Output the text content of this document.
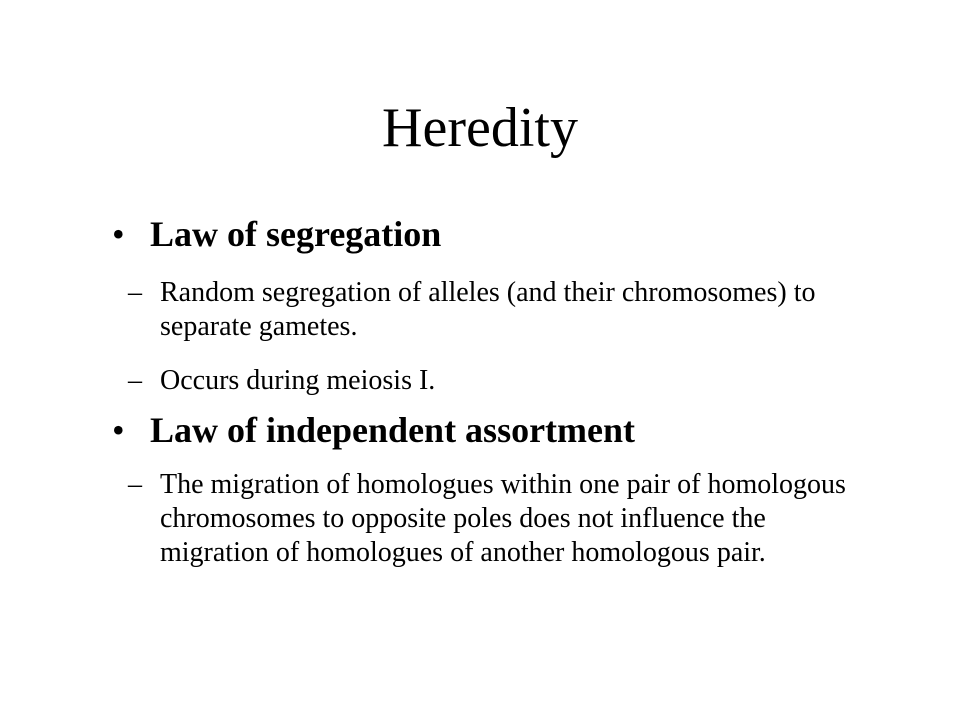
Heredity
• Law of segregation
– Random segregation of alleles (and their chromosomes) to separate gametes.
– Occurs during meiosis I.
• Law of independent assortment
– The migration of homologues within one pair of homologous chromosomes to opposite poles does not influence the migration of homologues of another homologous pair.
